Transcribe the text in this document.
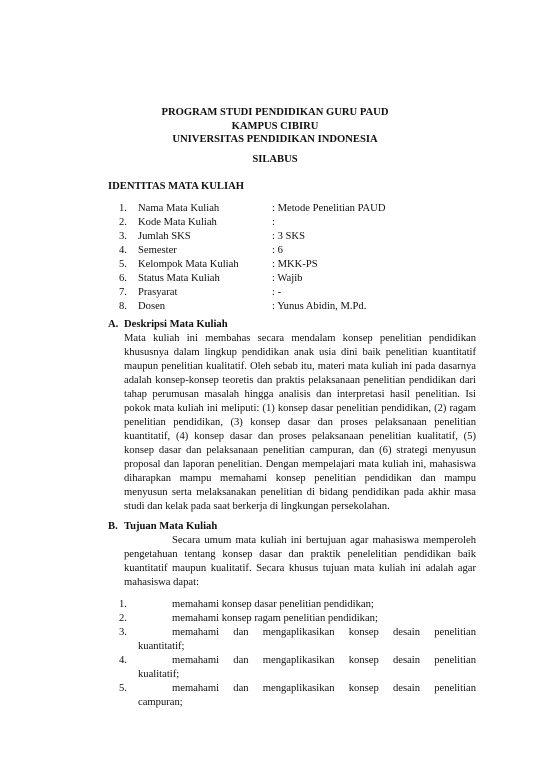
PROGRAM STUDI PENDIDIKAN GURU PAUD
KAMPUS CIBIRU
UNIVERSITAS PENDIDIKAN INDONESIA
SILABUS
IDENTITAS MATA KULIAH
1.	Nama Mata Kuliah	: Metode Penelitian PAUD
2.	Kode Mata Kuliah	:
3.	Jumlah SKS	: 3 SKS
4.	Semester	: 6
5.	Kelompok Mata Kuliah	: MKK-PS
6.	Status Mata Kuliah	: Wajib
7.	Prasyarat	: -
8.	Dosen	: Yunus Abidin, M.Pd.
A. Deskripsi Mata Kuliah
Mata kuliah ini membahas secara mendalam konsep penelitian pendidikan khususnya dalam lingkup pendidikan anak usia dini baik penelitian kuantitatif maupun penelitian kualitatif. Oleh sebab itu, materi mata kuliah ini pada dasarnya adalah konsep-konsep teoretis dan praktis pelaksanaan penelitian pendidikan dari tahap perumusan masalah hingga analisis dan interpretasi hasil penelitian. Isi pokok mata kuliah ini meliputi: (1) konsep dasar penelitian pendidikan, (2) ragam penelitian pendidikan, (3) konsep dasar dan proses pelaksanaan penelitian kuantitatif, (4) konsep dasar dan proses pelaksanaan penelitian kualitatif, (5) konsep dasar dan pelaksanaan penelitian campuran, dan (6) strategi menyusun proposal dan laporan penelitian. Dengan mempelajari mata kuliah ini, mahasiswa diharapkan mampu memahami konsep penelitian pendidikan dan mampu menyusun serta melaksanakan penelitian di bidang pendidikan pada akhir masa studi dan kelak pada saat berkerja di lingkungan persekolahan.
B. Tujuan Mata Kuliah
Secara umum mata kuliah ini bertujuan agar mahasiswa memperoleh pengetahuan tentang konsep dasar dan praktik penelelitian pendidikan baik kuantitatif maupun kualitatif. Secara khusus tujuan mata kuliah ini adalah agar mahasiswa dapat:
1.	memahami konsep dasar penelitian pendidikan;
2.	memahami konsep ragam penelitian pendidikan;
3.	memahami dan mengaplikasikan konsep desain penelitian
kuantitatif;
4.	memahami dan mengaplikasikan konsep desain penelitian
kualitatif;
5.	memahami dan mengaplikasikan konsep desain penelitian
campuran;
